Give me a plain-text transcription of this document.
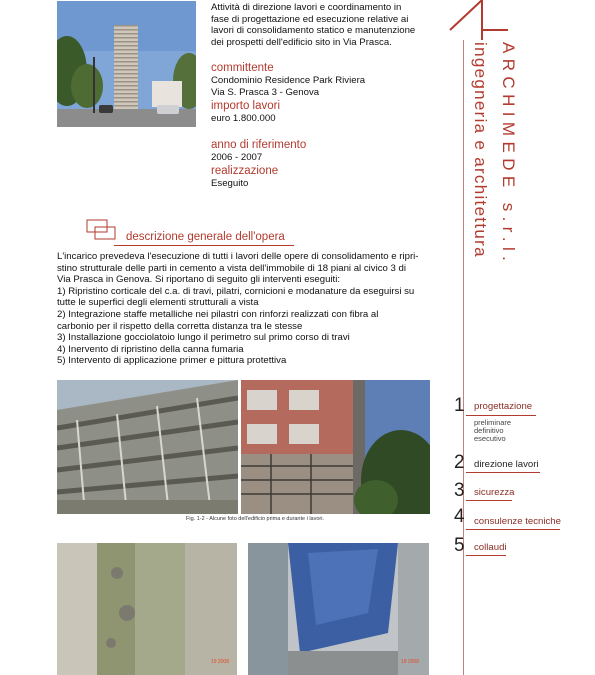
Attività di direzione lavori e coordinamento in
fase di progettazione ed esecuzione relative ai
lavori di consolidamento statico e manutenzione
dei prospetti dell'edificio sito in Via Prasca.
committente
Condominio Residence Park Riviera
Via S. Prasca 3 - Genova
importo lavori
euro 1.800.000
anno di riferimento
2006 - 2007
realizzazione
Eseguito	ARCHIMEDE s.r.l.
ingegneria e architettura
descrizione generale dell'opera
L'incarico prevedeva l'esecuzione di tutti i lavori delle opere di consolidamento e ripri-
stino strutturale delle parti in cemento a vista dell'immobile di 18 piani al civico 3 di
Via Prasca in Genova. Si riportano di seguito gli interventi eseguiti:
1) Ripristino corticale del c.a. di travi, pilatri, cornicioni e modanature da eseguirsi su
tutte le superfici degli elementi strutturali a vista
2) Integrazione staffe metalliche nei pilastri con rinforzi realizzati con fibra al
carbonio per il rispetto della corretta distanza tra le stesse
3) Installazione gocciolatoio lungo il perimetro sul primo corso di travi
4) Inervento di ripristino della canna fumaria
5) Intervento di applicazione primer e pittura protettiva
Fig. 1-2 - Alcune foto dell'edificio prima e durante i lavori.
19 2008	18 2008
1 progettazione
preliminare
definitivo
esecutivo
2 direzione lavori
3 sicurezza
4 consulenze tecniche
5 collaudi
